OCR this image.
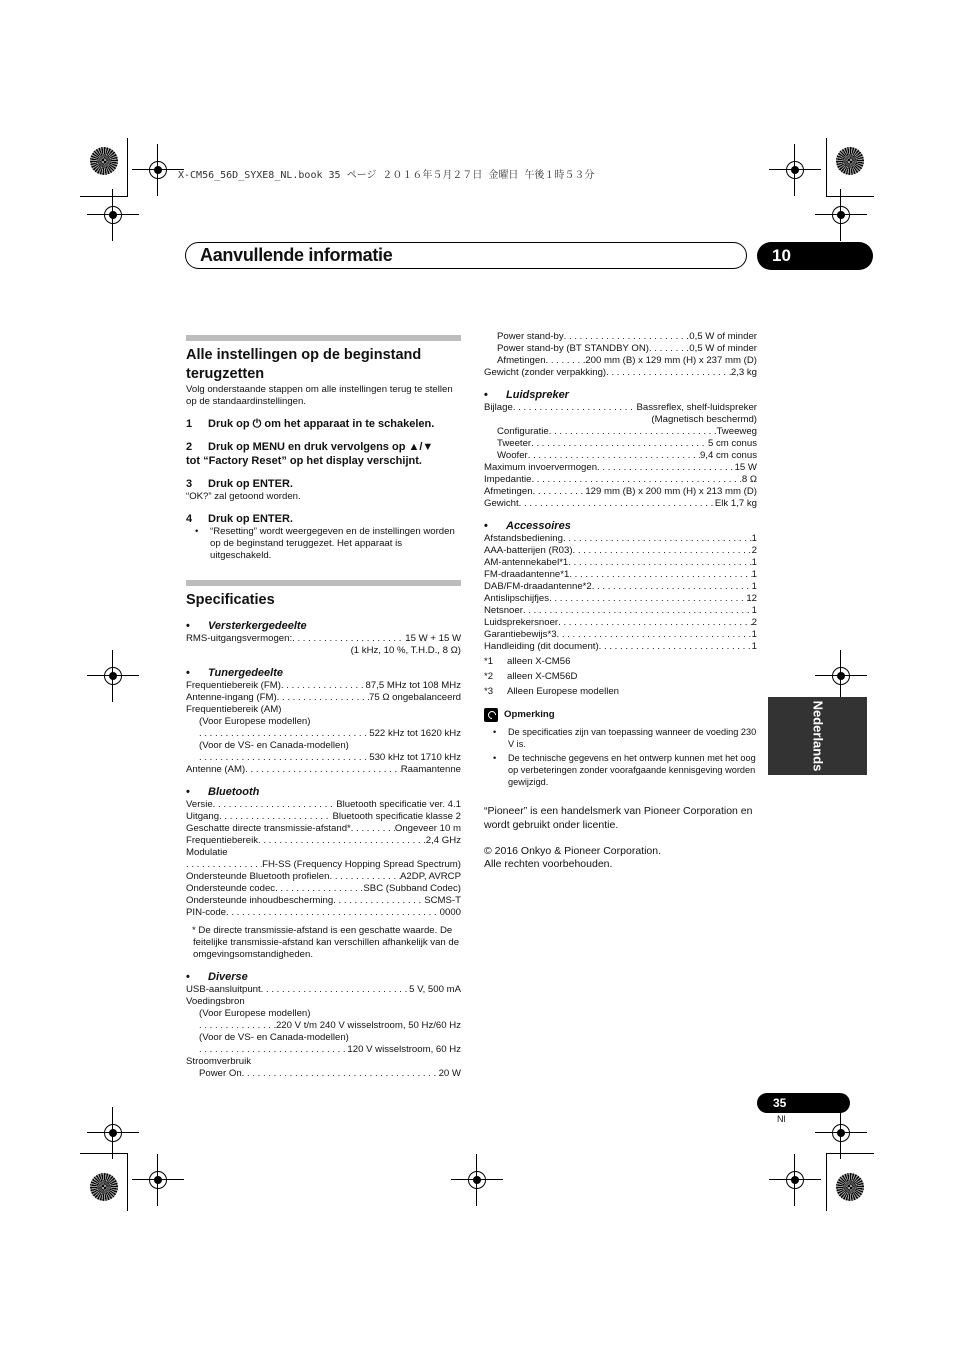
X-CM56_56D_SYXE8_NL.book 35 ページ ２０１６年５月２７日 金曜日 午後１時５３分
Aanvullende informatie	10
Nederlands
35
Nl
Alle instellingen op de beginstand terugzetten

Volg onderstaande stappen om alle instellingen terug te stellen op de standaardinstellingen.

1 Druk op ⏻ om het apparaat in te schakelen.

2 Druk op MENU en druk vervolgens op ▲/▼

tot “Factory Reset” op het display verschijnt.

3 Druk op ENTER.

“OK?” zal getoond worden.

4 Druk op ENTER.

• “Resetting” wordt weergegeven en de instellingen worden op de beginstand teruggezet. Het apparaat is uitgeschakeld.

Specificaties

• Versterkergedeelte

RMS-uitgangsvermogen: . . .	15 W + 15 W
(1 kHz, 10 %, T.H.D., 8 Ω)

• Tunergedeelte

Frequentiebereik (FM) . . .	87,5 MHz tot 108 MHz
Antenne-ingang (FM) . . .	75 Ω ongebalanceerd
Frequentiebereik (AM)
(Voor Europese modellen)
. . .
522 kHz tot 1620 kHz
(Voor de VS- en Canada-modellen)
. . .
530 kHz tot 1710 kHz
Antenne (AM) . . .	Raamantenne

• Bluetooth

Versie . . .	Bluetooth specificatie ver. 4.1
Uitgang . . .	Bluetooth specificatie klasse 2
Geschatte directe transmissie-afstand* . . .	Ongeveer 10 m
Frequentiebereik . . .	2,4 GHz
Modulatie
. . .
FH-SS (Frequency Hopping Spread Spectrum)
Ondersteunde Bluetooth profielen . . .	A2DP, AVRCP
Ondersteunde codec . . .	SBC (Subband Codec)
Ondersteunde inhoudbescherming . . .	SCMS-T
PIN-code . . .	0000

* De directe transmissie-afstand is een geschatte waarde. De feitelijke transmissie-afstand kan verschillen afhankelijk van de omgevingsomstandigheden.

• Diverse

USB-aansluitpunt . . .	5 V, 500 mA
Voedingsbron
(Voor Europese modellen)
. . .
220 V t/m 240 V wisselstroom, 50 Hz/60 Hz
(Voor de VS- en Canada-modellen)
. . .
120 V wisselstroom, 60 Hz
Stroomverbruik
Power On . . .	20 W
Power stand-by . . .	0,5 W of minder
Power stand-by (BT STANDBY ON) . . .	0,5 W of minder
Afmetingen . . .	200 mm (B) x 129 mm (H) x 237 mm (D)
Gewicht (zonder verpakking) . . .	2,3 kg

• Luidspreker

Bijlage . . .	Bassreflex, shelf-luidspreker
(Magnetisch beschermd)
Configuratie . . .	Tweeweg
Tweeter . . .	5 cm conus
Woofer . . .	9,4 cm conus
Maximum invoervermogen . . .	15 W
Impedantie . . .	8 Ω
Afmetingen . . .	129 mm (B) x 200 mm (H) x 213 mm (D)
Gewicht . . .	Elk 1,7 kg

• Accessoires

Afstandsbediening . . .	1
AAA-batterijen (R03) . . .	2
AM-antennekabel*1 . . .	1
FM-draadantenne*1 . . .	1
DAB/FM-draadantenne*2 . . .	1
Antislipschijfjes . . .	12
Netsnoer . . .	1
Luidsprekersnoer . . .	2
Garantiebewijs*3 . . .	1
Handleiding (dit document) . . .	1
*1	alleen X-CM56
*2	alleen X-CM56D
*3	Alleen Europese modellen
Opmerking

• De specificaties zijn van toepassing wanneer de voeding 230 V is.

• De technische gegevens en het ontwerp kunnen met het oog op verbeteringen zonder voorafgaande kennisgeving worden gewijzigd.

“Pioneer” is een handelsmerk van Pioneer Corporation en wordt gebruikt onder licentie.

© 2016 Onkyo & Pioneer Corporation.

Alle rechten voorbehouden.
